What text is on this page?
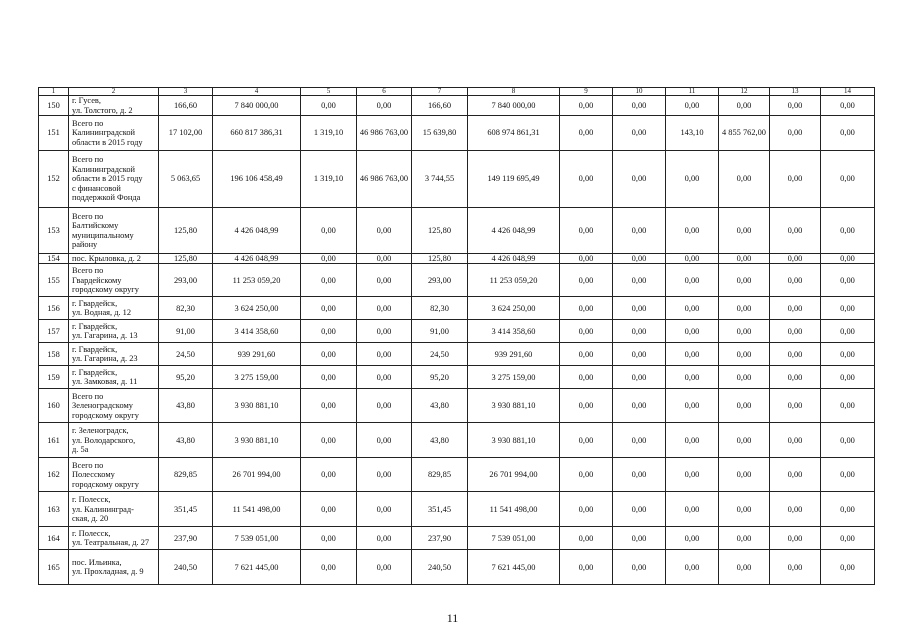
1	2	3	4	5	6	7	8	9	10	11	12	13	14
150	г. Гусев,
ул. Толстого, д. 2	166,60	7 840 000,00	0,00	0,00	166,60	7 840 000,00	0,00	0,00	0,00	0,00	0,00	0,00
151	Всего по
Калининградской
области в 2015 году	17 102,00	660 817 386,31	1 319,10	46 986 763,00	15 639,80	608 974 861,31	0,00	0,00	143,10	4 855 762,00	0,00	0,00
152	Всего по
Калининградской
области в 2015 году
с финансовой
поддержкой Фонда	5 063,65	196 106 458,49	1 319,10	46 986 763,00	3 744,55	149 119 695,49	0,00	0,00	0,00	0,00	0,00	0,00
153	Всего по
Балтийскому
муниципальному
району	125,80	4 426 048,99	0,00	0,00	125,80	4 426 048,99	0,00	0,00	0,00	0,00	0,00	0,00
154	пос. Крыловка, д. 2	125,80	4 426 048,99	0,00	0,00	125,80	4 426 048,99	0,00	0,00	0,00	0,00	0,00	0,00
155	Всего по
Гвардейскому
городскому округу	293,00	11 253 059,20	0,00	0,00	293,00	11 253 059,20	0,00	0,00	0,00	0,00	0,00	0,00
156	г. Гвардейск,
ул. Водная, д. 12	82,30	3 624 250,00	0,00	0,00	82,30	3 624 250,00	0,00	0,00	0,00	0,00	0,00	0,00
157	г. Гвардейск,
ул. Гагарина, д. 13	91,00	3 414 358,60	0,00	0,00	91,00	3 414 358,60	0,00	0,00	0,00	0,00	0,00	0,00
158	г. Гвардейск,
ул. Гагарина, д. 23	24,50	939 291,60	0,00	0,00	24,50	939 291,60	0,00	0,00	0,00	0,00	0,00	0,00
159	г. Гвардейск,
ул. Замковая, д. 11	95,20	3 275 159,00	0,00	0,00	95,20	3 275 159,00	0,00	0,00	0,00	0,00	0,00	0,00
160	Всего по
Зеленоградскому
городскому округу	43,80	3 930 881,10	0,00	0,00	43,80	3 930 881,10	0,00	0,00	0,00	0,00	0,00	0,00
161	г. Зеленоградск,
ул. Володарского,
д. 5а	43,80	3 930 881,10	0,00	0,00	43,80	3 930 881,10	0,00	0,00	0,00	0,00	0,00	0,00
162	Всего по
Полесскому
городскому округу	829,85	26 701 994,00	0,00	0,00	829,85	26 701 994,00	0,00	0,00	0,00	0,00	0,00	0,00
163	г. Полесск,
ул. Калининград-
ская, д. 20	351,45	11 541 498,00	0,00	0,00	351,45	11 541 498,00	0,00	0,00	0,00	0,00	0,00	0,00
164	г. Полесск,
ул. Театральная, д. 27	237,90	7 539 051,00	0,00	0,00	237,90	7 539 051,00	0,00	0,00	0,00	0,00	0,00	0,00
165	пос. Ильинка,
ул. Прохладная, д. 9	240,50	7 621 445,00	0,00	0,00	240,50	7 621 445,00	0,00	0,00	0,00	0,00	0,00	0,00
11
